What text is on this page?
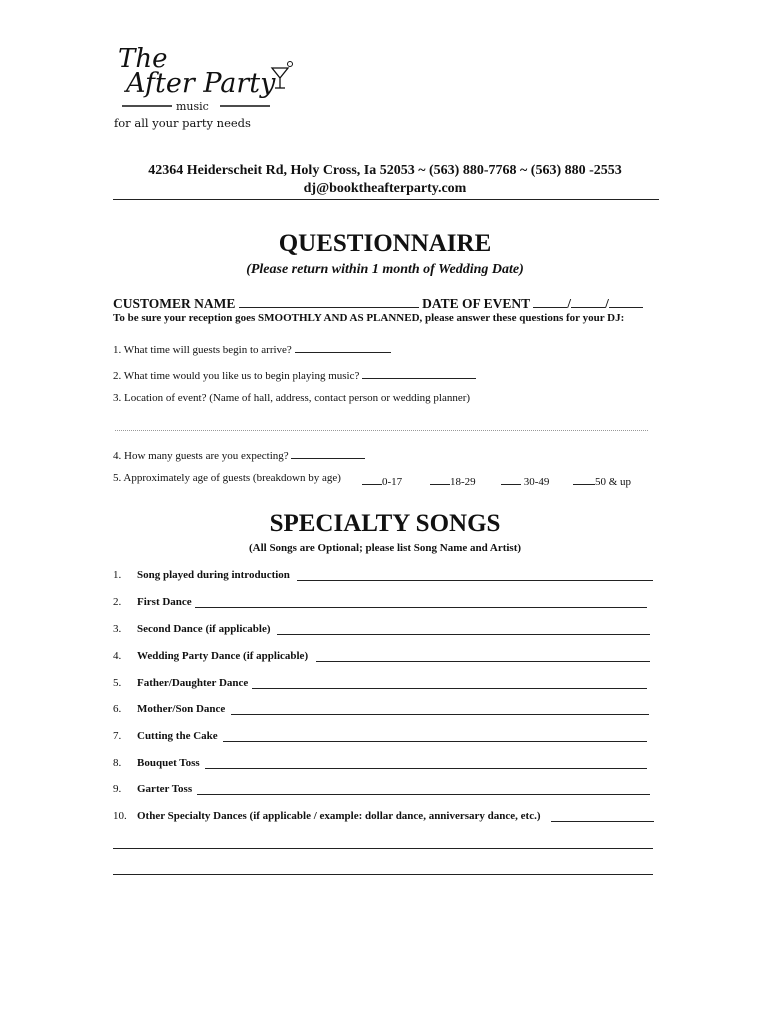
The
After Party
music
for all your party needs
42364 Heiderscheit Rd, Holy Cross, Ia 52053 ~ (563) 880-7768 ~ (563) 880 -2553
dj@booktheafterparty.com
QUESTIONNAIRE
(Please return within 1 month of Wedding Date)
CUSTOMER NAME	DATE OF EVENT	/	/
To be sure your reception goes SMOOTHLY AND AS PLANNED, please answer these questions for your DJ:
1. What time will guests begin to arrive?
2. What time would you like us to begin playing music?
3. Location of event? (Name of hall, address, contact person or wedding planner)
4. How many guests are you expecting?
5. Approximately age of guests (breakdown by age)	0-17	18-29	30-49	50 & up
SPECIALTY SONGS
(All Songs are Optional; please list Song Name and Artist)
1. Song played during introduction
2. First Dance
3. Second Dance (if applicable)
4. Wedding Party Dance (if applicable)
5. Father/Daughter Dance
6. Mother/Son Dance
7. Cutting the Cake
8. Bouquet Toss
9. Garter Toss
10. Other Specialty Dances (if applicable / example: dollar dance, anniversary dance, etc.)
